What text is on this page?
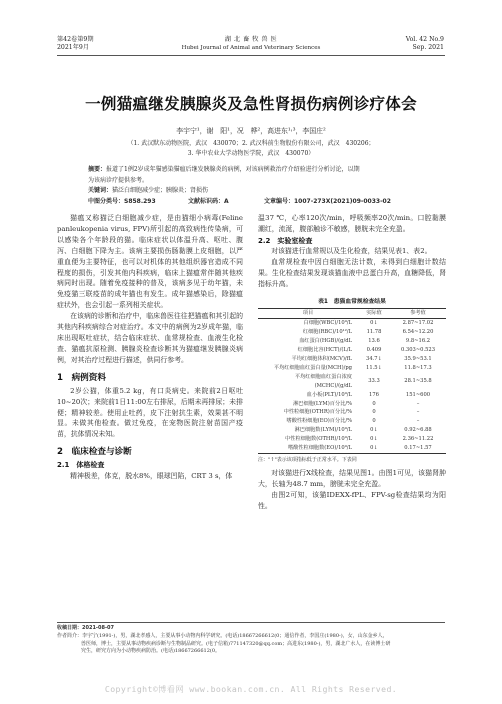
第42卷第9期
2021年9月
湖 北 畜 牧 兽 医
Hubei Journal of Animal and Veterinary Sciences
Vol. 42 No.9
Sep. 2021
一例猫瘟继发胰腺炎及急性肾损伤病例诊疗体会
李宇宁¹，谢　阳¹，况　桦²，高进东¹˒³，李国庄²
（1. 武汉默东动物医院，武汉　430070；2. 武汉科前生物股份有限公司，武汉　430206；
3. 华中农业大学动物医学院，武汉　430070）
摘要：报道了1例2岁成年猫感染猫瘟后继发胰腺炎的病例，对该病例救治疗介绍验进行分析讨论，以期
为该病诊疗提供参考。
关键词：猫泛白细胞减少症；胰腺炎；肾损伤
中图分类号：S858.293	文献标识码：A	文章编号：1007-273X(2021)09-0033-02

猫瘟又称猫泛白细胞减少症，是由猫细小病毒(Feline panleukopenia virus, FPV)所引起的高致病性传染病，可以感染各个年龄段的猫。临床症状以体温升高、呕吐、腹泻、白细胞下降为主。该病主要损伤肠黏膜上皮细胞，以严重血便为主要特征，也可以对机体的其他组织器官造成不同程度的损伤，引发其他内科疾病，临床上猫瘟常伴随其他疾病同时出现。随着免疫接种的普及，该病多见于幼年猫，未免疫猫三联疫苗的成年猫也有发生。成年猫感染后，除猫瘟症状外，也会引起一系列相关症状。

在该病的诊断和治疗中，临床兽医往往把猫瘟和其引起的其他内科疾病综合对症治疗。本文中的病例为2岁成年猫，临床出现呕吐症状，结合临床症状、血常规检查、血液生化检查、猫瘟抗原检测、胰腺炎检查诊断其为猫瘟继发胰腺炎病例，对其治疗过程进行描述，供同行参考。

1　病例资料

2岁公猫，体重5.2 kg，有口炎病史。来院前2日呕吐10~20次；来院前1日11:00左右排尿，后期未再排尿；未排便；精神较差。使用止吐药，皮下注射抗生素，效果甚不明显。未做其他检查。做过免疫，在宠物医院注射苗国产疫苗，抗体情况未知。

2　临床检查与诊断
2.1　体格检查

精神极差，体克，脱水8%，眼球凹陷，CRT 3 s，体

温37 ℃，心率120次/min，呼吸频率20次/min。口腔黏膜潮红，流涎，腹部触诊不敏感，膀胱未完全充盈。

2.2　实验室检查

对该猫进行血常规以及生化检查，结果见表1、表2。

血常规检查中因白细胞无法计数，未得到白细胞计数结果。生化检查结果发现该猫血液中总蛋白升高，血糖降低，肾指标升高。

表1　患猫血常规检查结果
项目	实际值	参考值
白细胞(WBC)/10⁹/L	0↓	2.87~17.02
红细胞(RBC)/10¹²/L	11.78	6.54~12.20
血红蛋白(HGB)/(g/dL	13.6	9.8~16.2
红细胞比容(HCT)/(L/L	0.409	0.303~0.523
平均红细胞体积(MCV)/fL	34.7↓	35.9~53.1
平均红细胞血红蛋白量(MCH)/pg	11.5↓	11.8~17.3
平均红细胞血红蛋白浓度(MCHC)/(g/dL	33.3	28.1~35.8
血小板(PLT)/10⁹/L	176	151~600
淋巴细胞(LYM)百分比/%	0	–
中性粒细胞(OTHR)百分比/%	0	–
嗜酸性粉细胞(EO)百分比/%	0	–
淋巴细胞数(LYM)/10⁹/L	0↓	0.92~6.88
中性粒细胞数(OTHR)/10⁹/L	0↓	2.36~11.22
嗜酸性粒细胞数(EO)/10⁹/L	0↓	0.17~1.57
注："↑"表示该项指标低于正常水平。下表同

对该猫进行X线检查，结果见图1。由图1可见，该猫肾肿大，长轴为48.7 mm，膀胱未完全充盈。

由图2可知，该猫IDEXX-fPL、FPV-sg检查结果均为阳性。

收稿日期：2021-08-07
作者简介：李宇宁(1991-)，男，湖北孝感人，主要从事小动物内科学研究。(电话)18667266612(0；通信作者，李国庄(1980-)，女，山东金乡人，
兽医师，博士，主要从事动物疾病诊断与生物制品研究。(电子信箱)771147320@qq.com；高进东(1980-)，男，湖北广水人，在读博士研
究生，研究方向为小动物疾病防治。(电话)18667266612(0。
Copyright©博看网 www.bookan.com.cn. All Rights Reserved.
